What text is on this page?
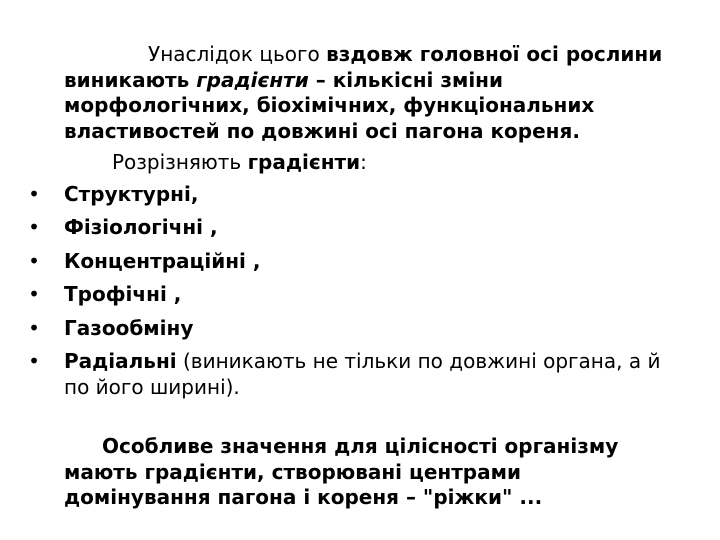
Унаслідок цього вздовж головної осі рослини виникають градієнти – кількісні зміни морфологічних, біохімічних, функціональних властивостей по довжині осі пагона кореня.

Розрізняють градієнти:

• Структурні,
• Фізіологічні ,
• Концентраційні ,
• Трофічні ,
• Газообміну
• Радіальні (виникають не тільки по довжині органа, а й по його ширині).

Особливе значення для цілісності організму мають градієнти, створювані центрами домінування пагона і кореня – "ріжки" ...
